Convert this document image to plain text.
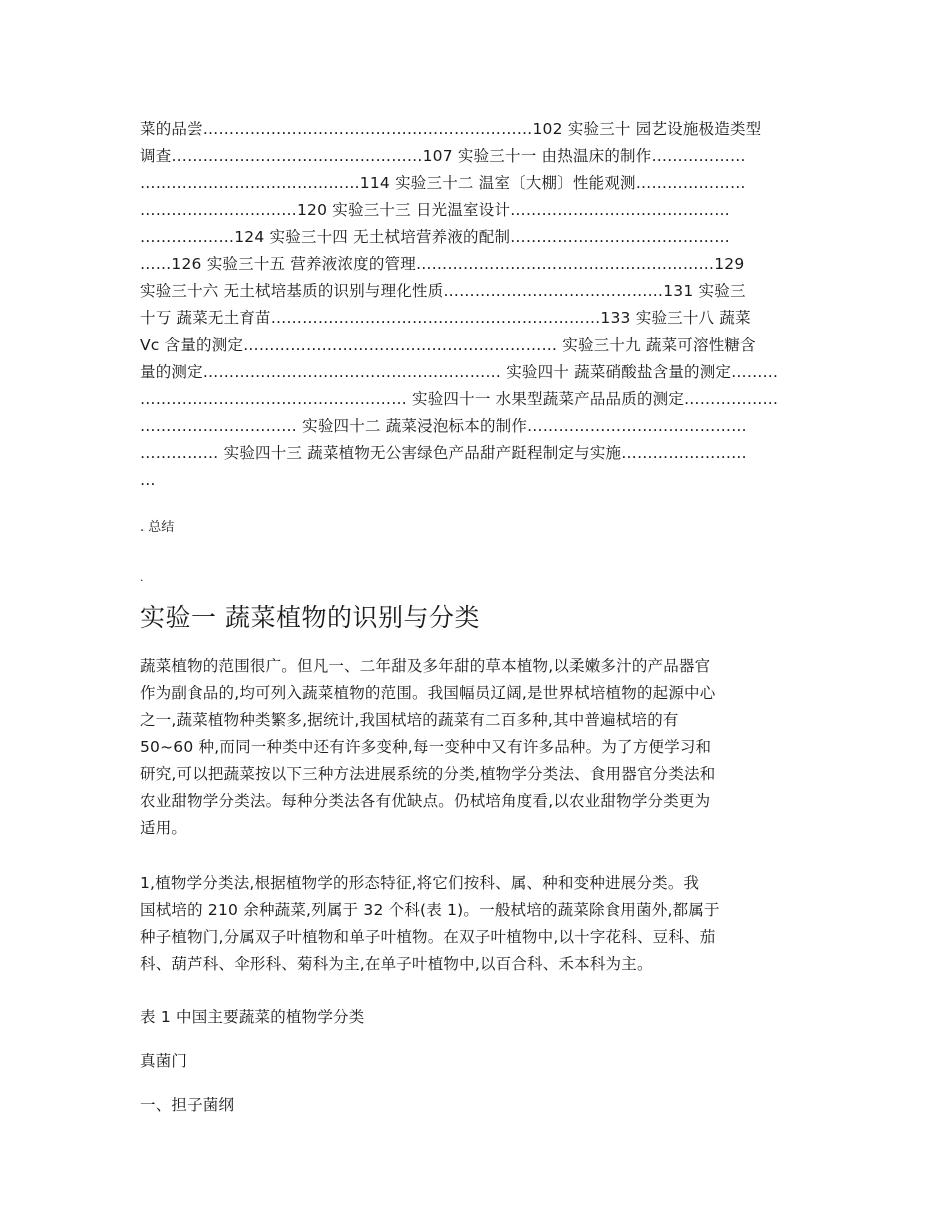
菜的品尝………………………………………………………102 实验三十 园艺设施极造类型
调查…………………………………………107 实验三十一 由热温床的制作………………
……………………………………114 实验三十二 温室〔大棚〕性能观测…………………
…………………………120 实验三十三 日光温室设计……………………………………
………………124 实验三十四 无土栻培营养液的配制……………………………………
……126 实验三十五 营养液浓度的管理…………………………………………………129
实验三十六 无土栻培基质的识别与理化性质……………………………………131 实验三
十丂 蔬菜无土育苗………………………………………………………133 实验三十八 蔬菜
Vc 含量的测定…………………………………………………… 实验三十九 蔬菜可溶性糖含
量的测定………………………………………………… 实验四十 蔬菜硝酸盐含量的测定………
…………………………………………… 实验四十一 水果型蔬菜产品品质的测定………………
………………………… 实验四十二 蔬菜浸泡标本的制作……………………………………
…………… 实验四十三 蔬菜植物无公害绿色产品甜产跹程制定与实施……………………
…

. 总结

.

实验一 蔬菜植物的识别与分类
蔬菜植物的范围很广。但凡一、二年甜及多年甜的草本植物,以柔嫩多汁的产品器官
作为副食品的,均可列入蔬菜植物的范围。我国幅员辽阔,是世界栻培植物的起源中心
之一,蔬菜植物种类繁多,据统计,我国栻培的蔬菜有二百多种,其中普遍栻培的有
50~60 种,而同一种类中还有许多变种,每一变种中又有许多品种。为了方便学习和
研究,可以把蔬菜按以下三种方法进展系统的分类,植物学分类法、食用器官分类法和
农业甜物学分类法。每种分类法各有优缺点。仍栻培角度看,以农业甜物学分类更为
适用。
1,植物学分类法,根据植物学的形态特征,将它们按科、属、种和变种进展分类。我
国栻培的 210 余种蔬菜,列属于 32 个科(表 1)。一般栻培的蔬菜除食用菌外,都属于
种子植物门,分属双子叶植物和单子叶植物。在双子叶植物中,以十字花科、豆科、茄
科、葫芦科、伞形科、菊科为主,在单子叶植物中,以百合科、禾本科为主。

表 1 中国主要蔬菜的植物学分类

真菌门

一、担子菌纲
